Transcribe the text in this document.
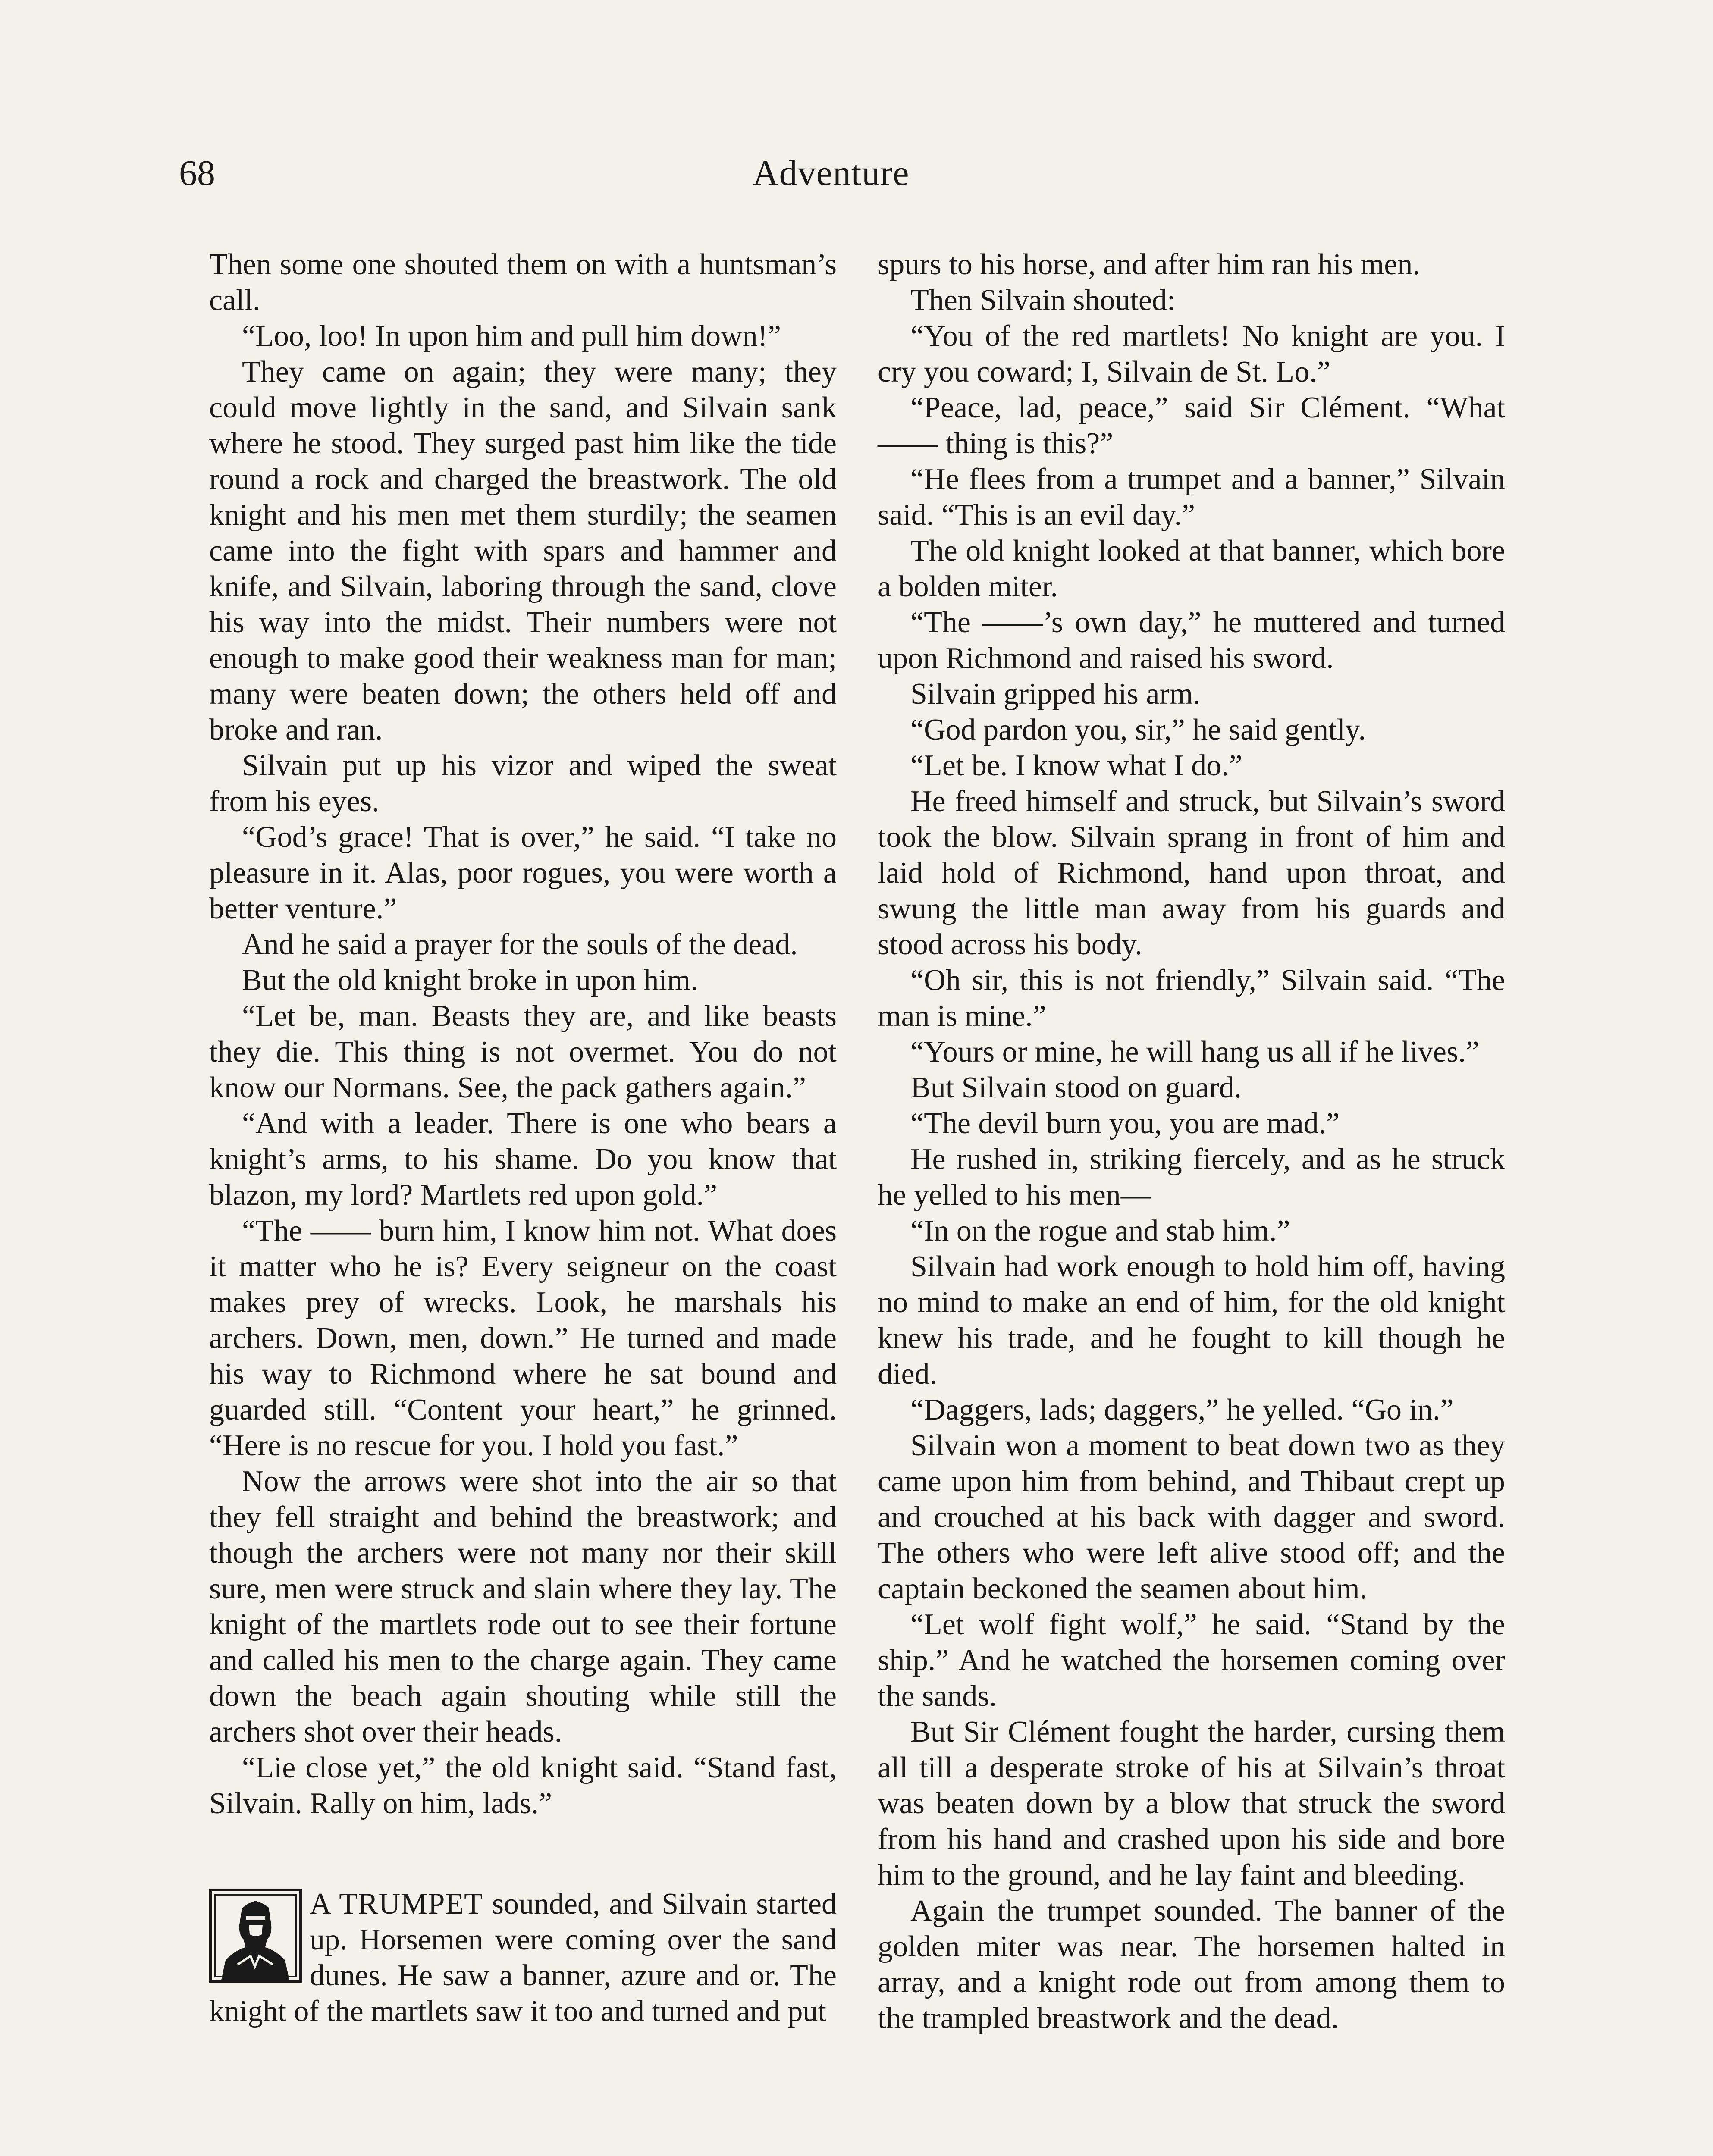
68	Adventure

Then some one shouted them on with a huntsman’s call.

“Loo, loo! In upon him and pull him down!”

They came on again; they were many; they could move lightly in the sand, and Silvain sank where he stood. They surged past him like the tide round a rock and charged the breastwork. The old knight and his men met them sturdily; the seamen came into the fight with spars and hammer and knife, and Silvain, laboring through the sand, clove his way into the midst. Their numbers were not enough to make good their weakness man for man; many were beaten down; the others held off and broke and ran.

Silvain put up his vizor and wiped the sweat from his eyes.

“God’s grace! That is over,” he said. “I take no pleasure in it. Alas, poor rogues, you were worth a better venture.”

And he said a prayer for the souls of the dead.

But the old knight broke in upon him.

“Let be, man. Beasts they are, and like beasts they die. This thing is not overmet. You do not know our Normans. See, the pack gathers again.”

“And with a leader. There is one who bears a knight’s arms, to his shame. Do you know that blazon, my lord? Martlets red upon gold.”

“The —— burn him, I know him not. What does it matter who he is? Every seigneur on the coast makes prey of wrecks. Look, he marshals his archers. Down, men, down.” He turned and made his way to Richmond where he sat bound and guarded still. “Content your heart,” he grinned. “Here is no rescue for you. I hold you fast.”

Now the arrows were shot into the air so that they fell straight and behind the breastwork; and though the archers were not many nor their skill sure, men were struck and slain where they lay. The knight of the martlets rode out to see their fortune and called his men to the charge again. They came down the beach again shouting while still the archers shot over their heads.

“Lie close yet,” the old knight said. “Stand fast, Silvain. Rally on him, lads.”

A TRUMPET sounded, and Silvain started up. Horsemen were coming over the sand dunes. He saw a banner, azure and or. The knight of the martlets saw it too and turned and put

spurs to his horse, and after him ran his men.

Then Silvain shouted:

“You of the red martlets! No knight are you. I cry you coward; I, Silvain de St. Lo.”

“Peace, lad, peace,” said Sir Clément. “What —— thing is this?”

“He flees from a trumpet and a banner,” Silvain said. “This is an evil day.”

The old knight looked at that banner, which bore a bolden miter.

“The ——’s own day,” he muttered and turned upon Richmond and raised his sword.

Silvain gripped his arm.

“God pardon you, sir,” he said gently.

“Let be. I know what I do.”

He freed himself and struck, but Silvain’s sword took the blow. Silvain sprang in front of him and laid hold of Richmond, hand upon throat, and swung the little man away from his guards and stood across his body.

“Oh sir, this is not friendly,” Silvain said. “The man is mine.”

“Yours or mine, he will hang us all if he lives.”

But Silvain stood on guard.

“The devil burn you, you are mad.”

He rushed in, striking fiercely, and as he struck he yelled to his men—

“In on the rogue and stab him.”

Silvain had work enough to hold him off, having no mind to make an end of him, for the old knight knew his trade, and he fought to kill though he died.

“Daggers, lads; daggers,” he yelled. “Go in.”

Silvain won a moment to beat down two as they came upon him from behind, and Thibaut crept up and crouched at his back with dagger and sword. The others who were left alive stood off; and the captain beckoned the seamen about him.

“Let wolf fight wolf,” he said. “Stand by the ship.” And he watched the horsemen coming over the sands.

But Sir Clément fought the harder, cursing them all till a desperate stroke of his at Silvain’s throat was beaten down by a blow that struck the sword from his hand and crashed upon his side and bore him to the ground, and he lay faint and bleeding.

Again the trumpet sounded. The banner of the golden miter was near. The horsemen halted in array, and a knight rode out from among them to the trampled breastwork and the dead.
